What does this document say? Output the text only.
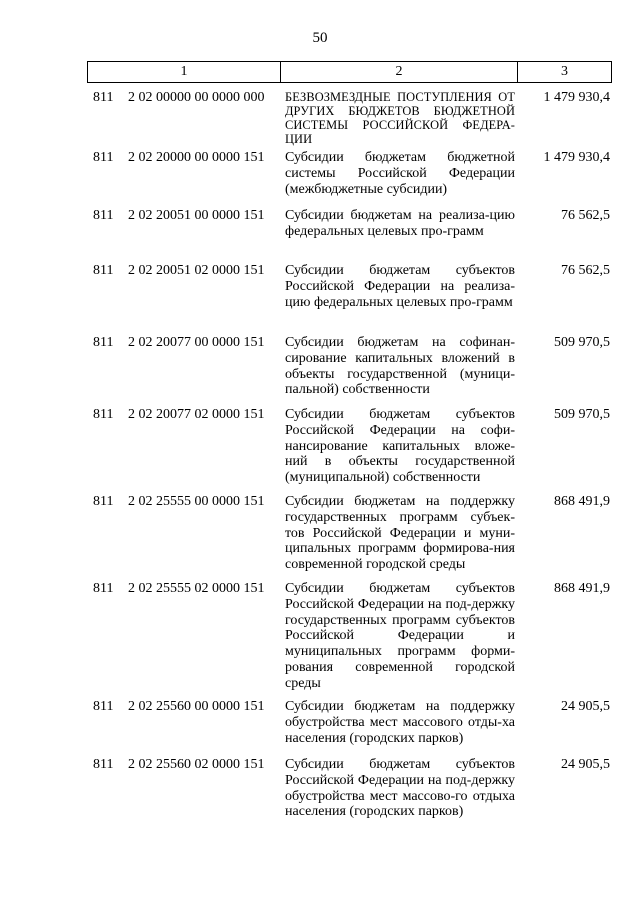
50
1	2	3
811 2 02 00000 00 0000 000 БЕЗВОЗМЕЗДНЫЕ ПОСТУПЛЕНИЯ ОТ ДРУГИХ БЮДЖЕТОВ БЮДЖЕТНОЙ СИСТЕМЫ РОССИЙСКОЙ ФЕДЕРА-ЦИИ
1 479 930,4
811 2 02 20000 00 0000 151 Субсидии бюджетам бюджетной системы Российской Федерации (межбюджетные субсидии)
1 479 930,4
811 2 02 20051 00 0000 151 Субсидии бюджетам на реализа-цию федеральных целевых про-грамм
76 562,5
811 2 02 20051 02 0000 151 Субсидии бюджетам субъектов Российской Федерации на реализа-цию федеральных целевых про-грамм
76 562,5
811 2 02 20077 00 0000 151 Субсидии бюджетам на софинан-сирование капитальных вложений в объекты государственной (муници-пальной) собственности
509 970,5
811 2 02 20077 02 0000 151 Субсидии бюджетам субъектов Российской Федерации на софи-нансирование капитальных вложе-ний в объекты государственной (муниципальной) собственности
509 970,5
811 2 02 25555 00 0000 151 Субсидии бюджетам на поддержку государственных программ субъек-тов Российской Федерации и муни-ципальных программ формирова-ния современной городской среды
868 491,9
811 2 02 25555 02 0000 151 Субсидии бюджетам субъектов Российской Федерации на под-держку государственных программ субъектов Российской Федерации и муниципальных программ форми-рования современной городской среды
868 491,9
811 2 02 25560 00 0000 151 Субсидии бюджетам на поддержку обустройства мест массового отды-ха населения (городских парков)
24 905,5
811 2 02 25560 02 0000 151 Субсидии бюджетам субъектов Российской Федерации на под-держку обустройства мест массово-го отдыха населения (городских парков)
24 905,5
